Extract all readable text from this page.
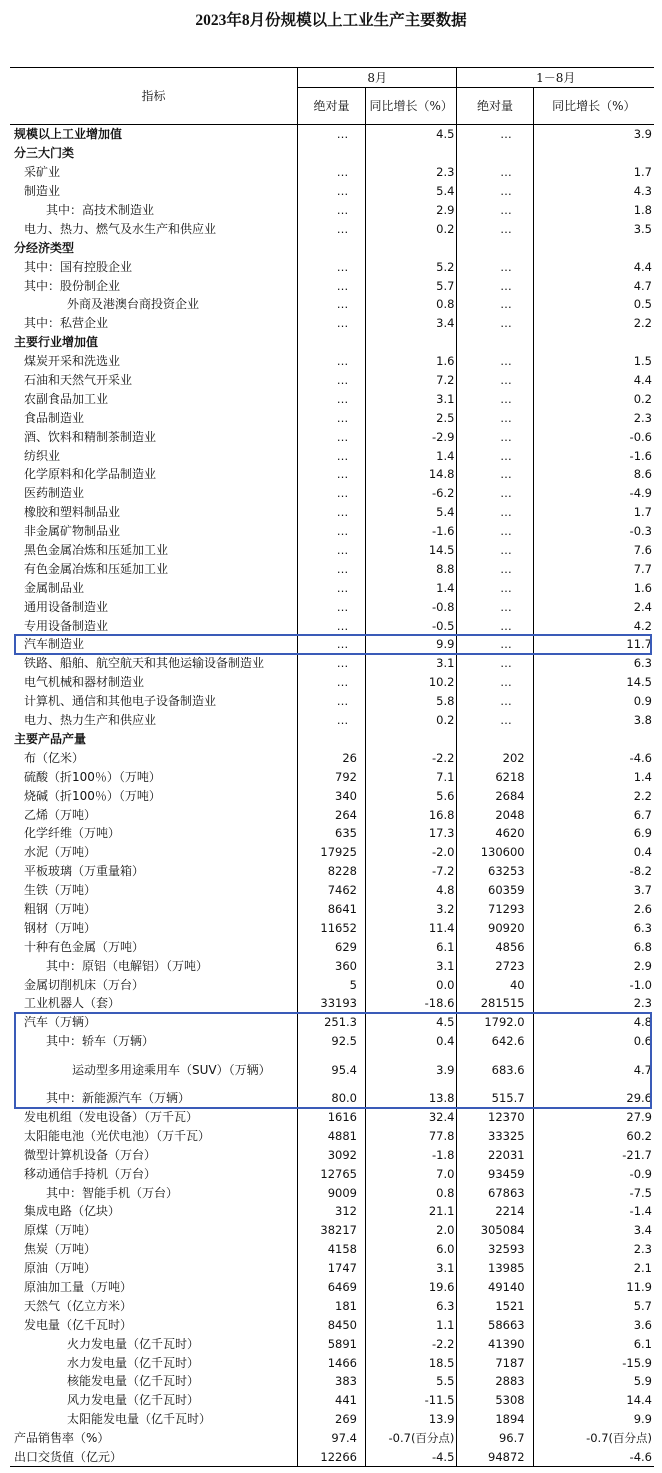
2023年8月份规模以上工业生产主要数据
指标	8月		1－8月	
	绝对量	同比增长（%）	绝对量	同比增长（%）
规模以上工业增加值	…	4.5	…	3.9
分三大门类				
采矿业	…	2.3	…	1.7
制造业	…	5.4	…	4.3
其中：高技术制造业	…	2.9	…	1.8
电力、热力、燃气及水生产和供应业	…	0.2	…	3.5
分经济类型				
其中：国有控股企业	…	5.2	…	4.4
其中：股份制企业	…	5.7	…	4.7
外商及港澳台商投资企业	…	0.8	…	0.5
其中：私营企业	…	3.4	…	2.2
主要行业增加值				
煤炭开采和洗选业	…	1.6	…	1.5
石油和天然气开采业	…	7.2	…	4.4
农副食品加工业	…	3.1	…	0.2
食品制造业	…	2.5	…	2.3
酒、饮料和精制茶制造业	…	-2.9	…	-0.6
纺织业	…	1.4	…	-1.6
化学原料和化学品制造业	…	14.8	…	8.6
医药制造业	…	-6.2	…	-4.9
橡胶和塑料制品业	…	5.4	…	1.7
非金属矿物制品业	…	-1.6	…	-0.3
黑色金属冶炼和压延加工业	…	14.5	…	7.6
有色金属冶炼和压延加工业	…	8.8	…	7.7
金属制品业	…	1.4	…	1.6
通用设备制造业	…	-0.8	…	2.4
专用设备制造业	…	-0.5	…	4.2
汽车制造业	…	9.9	…	11.7
铁路、船舶、航空航天和其他运输设备制造业	…	3.1	…	6.3
电气机械和器材制造业	…	10.2	…	14.5
计算机、通信和其他电子设备制造业	…	5.8	…	0.9
电力、热力生产和供应业	…	0.2	…	3.8
主要产品产量				
布（亿米）	26	-2.2	202	-4.6
硫酸（折100％）（万吨）	792	7.1	6218	1.4
烧碱（折100％）（万吨）	340	5.6	2684	2.2
乙烯（万吨）	264	16.8	2048	6.7
化学纤维（万吨）	635	17.3	4620	6.9
水泥（万吨）	17925	-2.0	130600	0.4
平板玻璃（万重量箱）	8228	-7.2	63253	-8.2
生铁（万吨）	7462	4.8	60359	3.7
粗钢（万吨）	8641	3.2	71293	2.6
钢材（万吨）	11652	11.4	90920	6.3
十种有色金属（万吨）	629	6.1	4856	6.8
其中：原铝（电解铝）（万吨）	360	3.1	2723	2.9
金属切削机床（万台）	5	0.0	40	-1.0
工业机器人（套）	33193	-18.6	281515	2.3
汽车（万辆）	251.3	4.5	1792.0	4.8
其中：轿车（万辆）	92.5	0.4	642.6	0.6
运动型多用途乘用车（SUV）（万辆）	95.4	3.9	683.6	4.7
其中：新能源汽车（万辆）	80.0	13.8	515.7	29.6
发电机组（发电设备）（万千瓦）	1616	32.4	12370	27.9
太阳能电池（光伏电池）（万千瓦）	4881	77.8	33325	60.2
微型计算机设备（万台）	3092	-1.8	22031	-21.7
移动通信手持机（万台）	12765	7.0	93459	-0.9
其中：智能手机（万台）	9009	0.8	67863	-7.5
集成电路（亿块）	312	21.1	2214	-1.4
原煤（万吨）	38217	2.0	305084	3.4
焦炭（万吨）	4158	6.0	32593	2.3
原油（万吨）	1747	3.1	13985	2.1
原油加工量（万吨）	6469	19.6	49140	11.9
天然气（亿立方米）	181	6.3	1521	5.7
发电量（亿千瓦时）	8450	1.1	58663	3.6
火力发电量（亿千瓦时）	5891	-2.2	41390	6.1
水力发电量（亿千瓦时）	1466	18.5	7187	-15.9
核能发电量（亿千瓦时）	383	5.5	2883	5.9
风力发电量（亿千瓦时）	441	-11.5	5308	14.4
太阳能发电量（亿千瓦时）	269	13.9	1894	9.9
产品销售率（%）	97.4	-0.7(百分点)	96.7	-0.7(百分点)
出口交货值（亿元）	12266	-4.5	94872	-4.6
